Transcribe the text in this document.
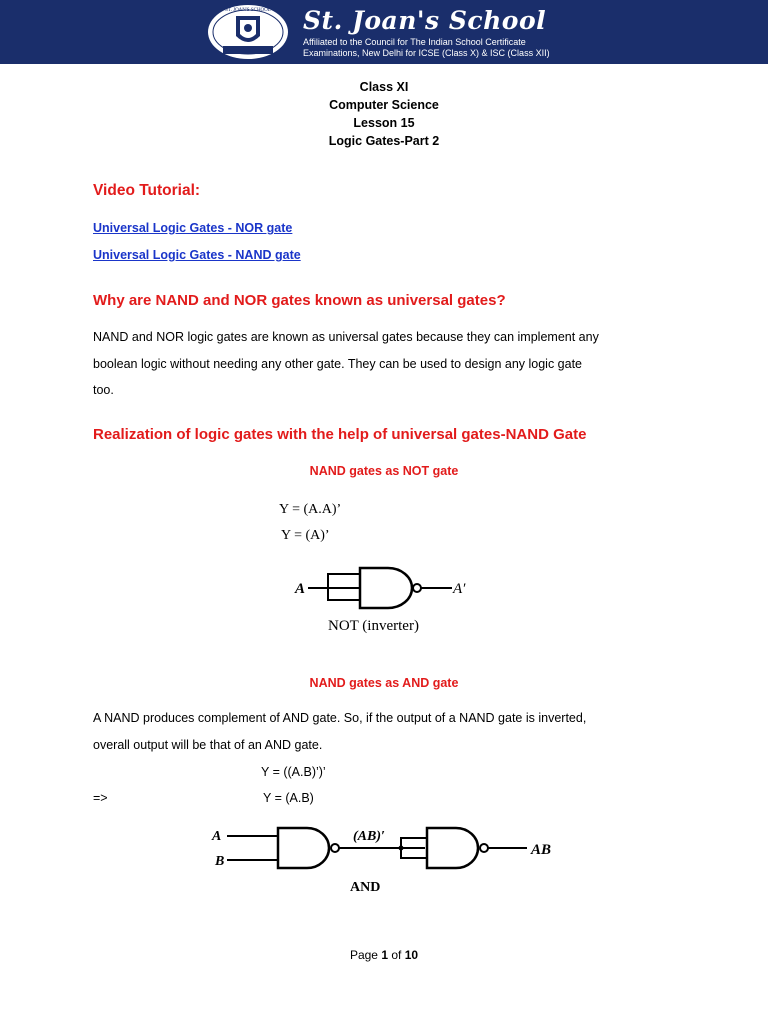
ST. JOAN'S SCHOOL St. Joan's School
Affiliated to the Council for The Indian School Certificate
Examinations, New Delhi for ICSE (Class X) & ISC (Class XII)
Class XI
Computer Science
Lesson 15
Logic Gates-Part 2
Video Tutorial:
Universal Logic Gates - NOR gate
Universal Logic Gates - NAND gate
Why are NAND and NOR gates known as universal gates?
NAND and NOR logic gates are known as universal gates because they can implement any
boolean logic without needing any other gate. They can be used to design any logic gate
too.
Realization of logic gates with the help of universal gates-NAND Gate
NAND gates as NOT gate
Y = (A.A)’
Y = (A)’
A	A′
NOT (inverter)
NAND gates as AND gate
A NAND produces complement of AND gate. So, if the output of a NAND gate is inverted,
overall output will be that of an AND gate.
Y = ((A.B)’)’
=>	Y = (A.B)
A
B
(AB)′
AB
AND
Page 1 of 10
